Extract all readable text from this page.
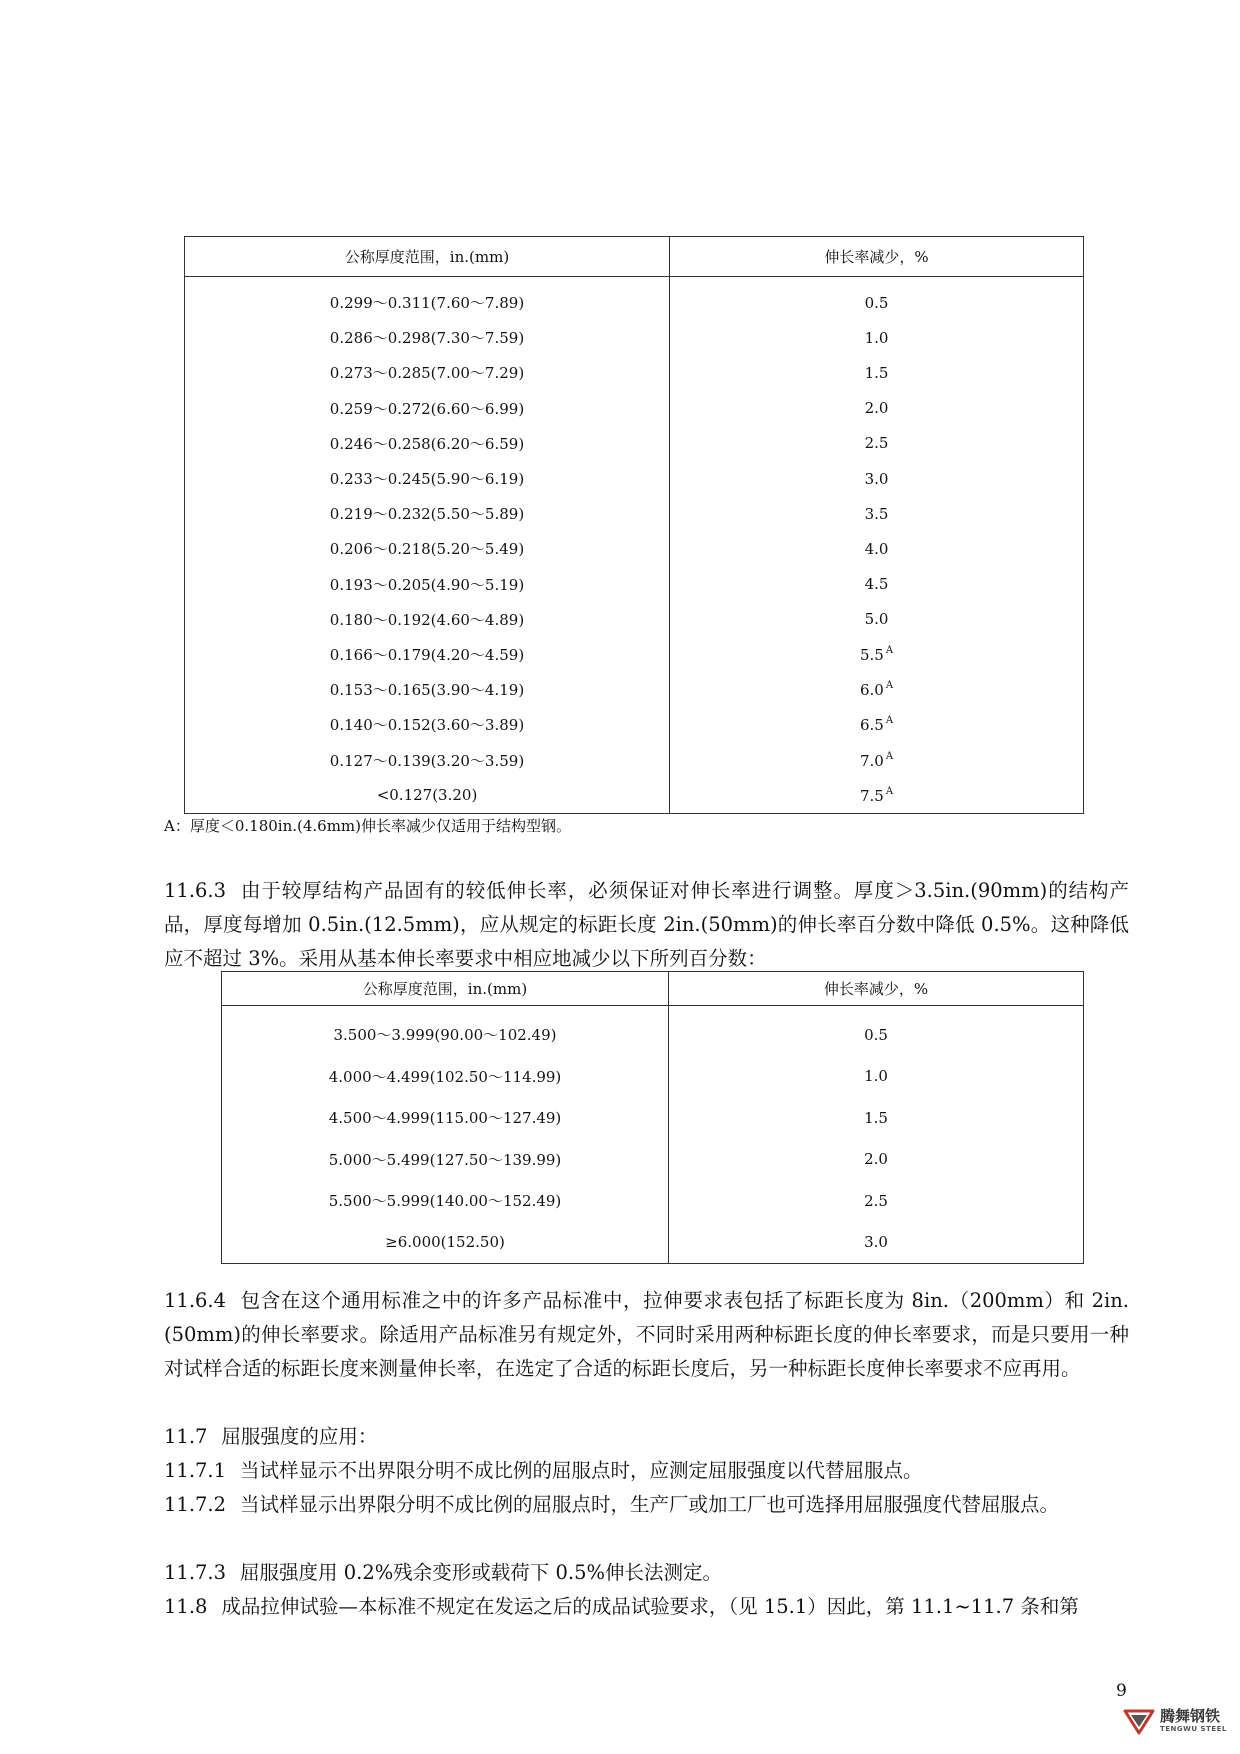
公称厚度范围，in.(mm)	伸长率减少，%
0.299～0.311(7.60～7.89)	0.5
0.286～0.298(7.30～7.59)	1.0
0.273～0.285(7.00～7.29)	1.5
0.259～0.272(6.60～6.99)	2.0
0.246～0.258(6.20～6.59)	2.5
0.233～0.245(5.90～6.19)	3.0
0.219～0.232(5.50～5.89)	3.5
0.206～0.218(5.20～5.49)	4.0
0.193～0.205(4.90～5.19)	4.5
0.180～0.192(4.60～4.89)	5.0
0.166～0.179(4.20～4.59)	5.5 $^A$
0.153～0.165(3.90～4.19)	6.0 $^A$
0.140～0.152(3.60～3.89)	6.5 $^A$
0.127～0.139(3.20～3.59)	7.0 $^A$
<0.127(3.20)	7.5 $^A$
A：厚度＜0.180in.(4.6mm)伸长率减少仅适用于结构型钢。

11.6.3 由于较厚结构产品固有的较低伸长率，必须保证对伸长率进行调整。厚度＞3.5in.(90mm)的结构产品，厚度每增加 0.5in.(12.5mm)，应从规定的标距长度 2in.(50mm)的伸长率百分数中降低 0.5%。这种降低应不超过 3%。采用从基本伸长率要求中相应地减少以下所列百分数：

公称厚度范围，in.(mm)	伸长率减少，%
3.500～3.999(90.00～102.49)	0.5
4.000～4.499(102.50～114.99)	1.0
4.500～4.999(115.00～127.49)	1.5
5.000～5.499(127.50～139.99)	2.0
5.500～5.999(140.00～152.49)	2.5
≥6.000(152.50)	3.0

11.6.4 包含在这个通用标准之中的许多产品标准中，拉伸要求表包括了标距长度为 8in.（200mm）和 2in.(50mm)的伸长率要求。除适用产品标准另有规定外，不同时采用两种标距长度的伸长率要求，而是只要用一种对试样合适的标距长度来测量伸长率，在选定了合适的标距长度后，另一种标距长度伸长率要求不应再用。

11.7 屈服强度的应用：

11.7.1 当试样显示不出界限分明不成比例的屈服点时，应测定屈服强度以代替屈服点。

11.7.2 当试样显示出界限分明不成比例的屈服点时，生产厂或加工厂也可选择用屈服强度代替屈服点。

11.7.3 屈服强度用 0.2%残余变形或载荷下 0.5%伸长法测定。

11.8 成品拉伸试验—本标准不规定在发运之后的成品试验要求，（见 15.1）因此，第 11.1~11.7 条和第

9
腾舞钢铁
TENGWU STEEL
